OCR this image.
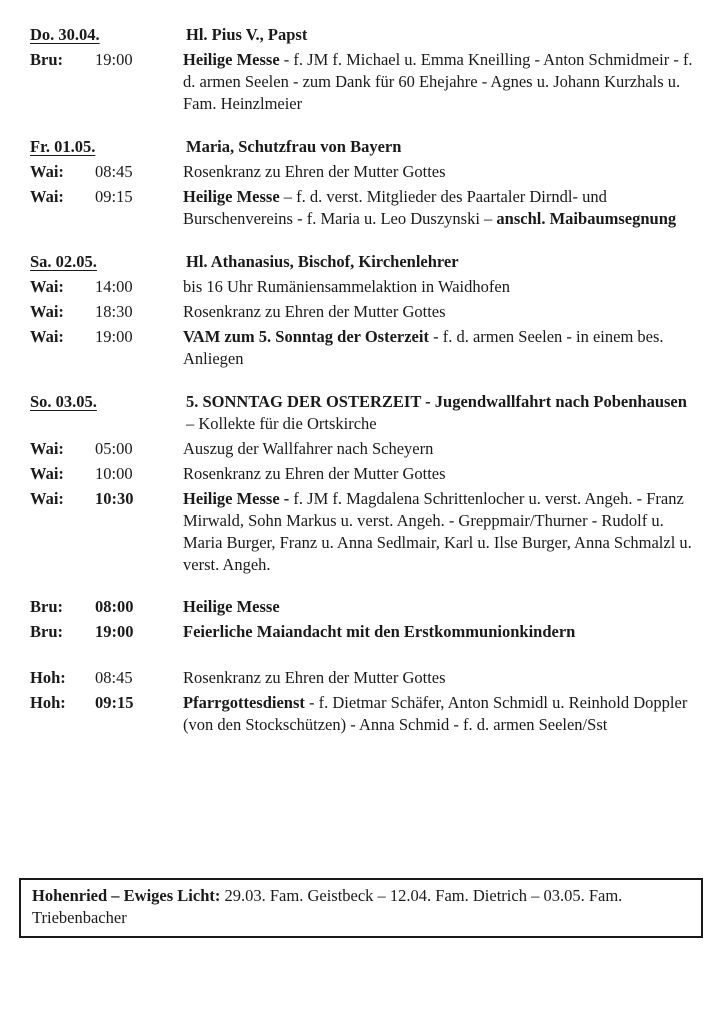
Do. 30.04.	Hl. Pius V., Papst
Bru:	19:00	Heilige Messe - f. JM f. Michael u. Emma Kneilling - Anton Schmidmeir - f. d. armen Seelen - zum Dank für 60 Ehejahre - Agnes u. Johann Kurzhals u. Fam. Heinzlmeier
Fr. 01.05.	Maria, Schutzfrau von Bayern
Wai:	08:45	Rosenkranz zu Ehren der Mutter Gottes
Wai:	09:15	Heilige Messe – f. d. verst. Mitglieder des Paartaler Dirndl- und Burschenvereins - f. Maria u. Leo Duszynski – anschl. Maibaumsegnung
Sa. 02.05.	Hl. Athanasius, Bischof, Kirchenlehrer
Wai:	14:00	bis 16 Uhr Rumäniensammelaktion in Waidhofen
Wai:	18:30	Rosenkranz zu Ehren der Mutter Gottes
Wai:	19:00	VAM zum 5. Sonntag der Osterzeit - f. d. armen Seelen - in einem bes. Anliegen
So. 03.05.	5. SONNTAG DER OSTERZEIT - Jugendwallfahrt nach Pobenhausen – Kollekte für die Ortskirche
Wai:	05:00	Auszug der Wallfahrer nach Scheyern
Wai:	10:00	Rosenkranz zu Ehren der Mutter Gottes
Wai:	10:30	Heilige Messe - f. JM f. Magdalena Schrittenlocher u. verst. Angeh. - Franz Mirwald, Sohn Markus u. verst. Angeh. - Greppmair/Thurner - Rudolf u. Maria Burger, Franz u. Anna Sedlmair, Karl u. Ilse Burger, Anna Schmalzl u. verst. Angeh.
Bru:	08:00	Heilige Messe
Bru:	19:00	Feierliche Maiandacht mit den Erstkommunionkindern
Hoh:	08:45	Rosenkranz zu Ehren der Mutter Gottes
Hoh:	09:15	Pfarrgottesdienst - f. Dietmar Schäfer, Anton Schmidl u. Reinhold Doppler (von den Stockschützen) - Anna Schmid - f. d. armen Seelen/Sst
Hohenried – Ewiges Licht: 29.03. Fam. Geistbeck – 12.04. Fam. Dietrich – 03.05. Fam. Triebenbacher
